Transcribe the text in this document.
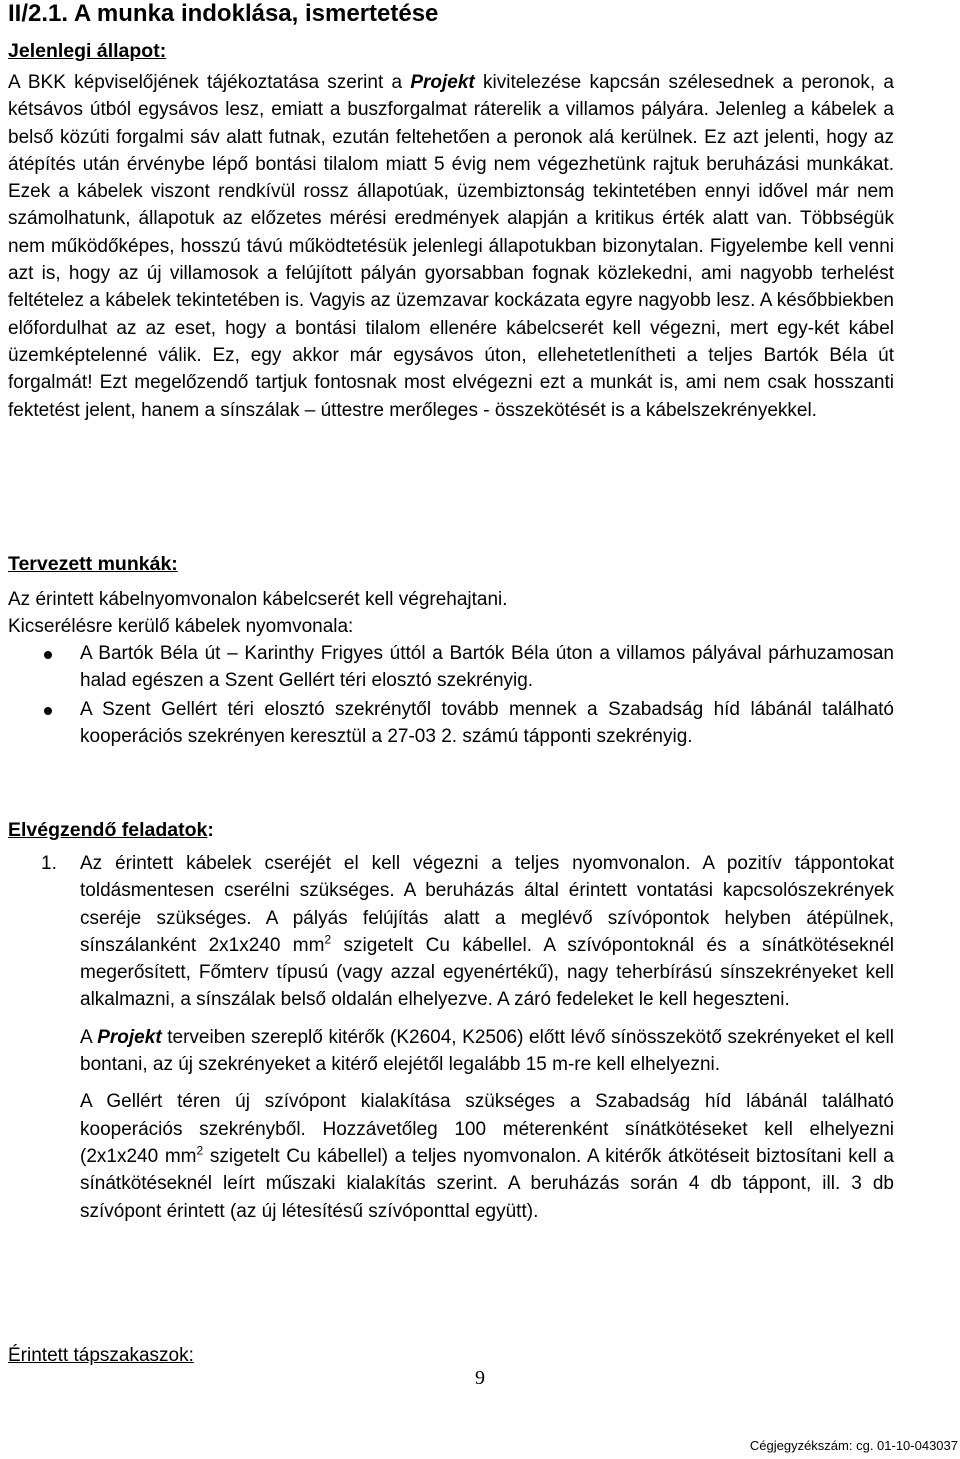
II/2.1. A munka indoklása, ismertetése

Jelenlegi állapot:

A BKK képviselőjének tájékoztatása szerint a Projekt kivitelezése kapcsán szélesednek a peronok, a kétsávos útból egysávos lesz, emiatt a buszforgalmat ráterelik a villamos pályára. Jelenleg a kábelek a belső közúti forgalmi sáv alatt futnak, ezután feltehetően a peronok alá kerülnek. Ez azt jelenti, hogy az átépítés után érvénybe lépő bontási tilalom miatt 5 évig nem végezhetünk rajtuk beruházási munkákat. Ezek a kábelek viszont rendkívül rossz állapotúak, üzembiztonság tekintetében ennyi idővel már nem számolhatunk, állapotuk az előzetes mérési eredmények alapján a kritikus érték alatt van. Többségük nem működőképes, hosszú távú működtetésük jelenlegi állapotukban bizonytalan. Figyelembe kell venni azt is, hogy az új villamosok a felújított pályán gyorsabban fognak közlekedni, ami nagyobb terhelést feltételez a kábelek tekintetében is. Vagyis az üzemzavar kockázata egyre nagyobb lesz. A későbbiekben előfordulhat az az eset, hogy a bontási tilalom ellenére kábelcserét kell végezni, mert egy-két kábel üzemképtelenné válik. Ez, egy akkor már egysávos úton, ellehetetlenítheti a teljes Bartók Béla út forgalmát! Ezt megelőzendő tartjuk fontosnak most elvégezni ezt a munkát is, ami nem csak hosszanti fektetést jelent, hanem a sínszálak – úttestre merőleges - összekötését is a kábelszekrényekkel.

Tervezett munkák:

Az érintett kábelnyomvonalon kábelcserét kell végrehajtani.

Kicserélésre kerülő kábelek nyomvonala:

A Bartók Béla út – Karinthy Frigyes úttól a Bartók Béla úton a villamos pályával párhuzamosan halad egészen a Szent Gellért téri elosztó szekrényig.

A Szent Gellért téri elosztó szekrénytől tovább mennek a Szabadság híd lábánál található kooperációs szekrényen keresztül a 27-03 2. számú tápponti szekrényig.

Elvégzendő feladatok

:
1. Az érintett kábelek cseréjét el kell végezni a teljes nyomvonalon. A pozitív táppontokat toldásmentesen cserélni szükséges. A beruházás által érintett vontatási kapcsolószekrények cseréje szükséges. A pályás felújítás alatt a meglévő szívópontok helyben átépülnek, sínszálanként 2x1x240 $mm^2$ szigetelt Cu kábellel. A szívópontoknál és a sínátkötéseknél megerősített, Főmterv típusú (vagy azzal egyenértékű), nagy teherbírású sínszekrényeket kell alkalmazni, a sínszálak belső oldalán elhelyezve. A záró fedeleket le kell hegeszteni.

A Projekt terveiben szereplő kitérők (K2604, K2506) előtt lévő sínösszekötő szekrényeket el kell bontani, az új szekrényeket a kitérő elejétől legalább 15 m-re kell elhelyezni.

A Gellért téren új szívópont kialakítása szükséges a Szabadság híd lábánál található kooperációs szekrényből. Hozzávetőleg 100 méterenként sínátkötéseket kell elhelyezni (2x1x240 $mm^2$ szigetelt Cu kábellel) a teljes nyomvonalon. A kitérők átkötéseit biztosítani kell a sínátkötéseknél leírt műszaki kialakítás szerint. A beruházás során 4 db táppont, ill. 3 db szívópont érintett (az új létesítésű szívóponttal együtt).

Érintett tápszakaszok:

9
Cégjegyzékszám: cg. 01-10-043037
